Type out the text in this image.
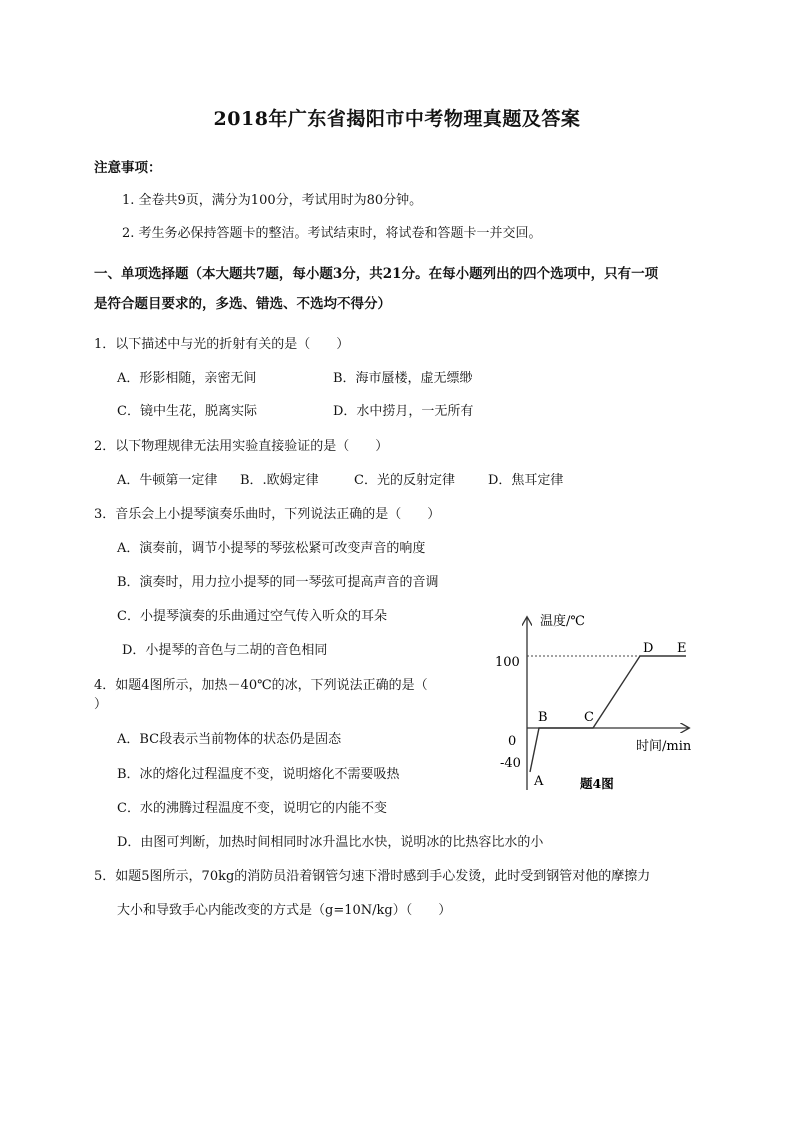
2018年广东省揭阳市中考物理真题及答案
注意事项：
1. 全卷共9页，满分为100分，考试用时为80分钟。
2. 考生务必保持答题卡的整洁。考试结束时，将试卷和答题卡一并交回。
一、单项选择题（本大题共7题，每小题3分，共21分。在每小题列出的四个选项中，只有一项
是符合题目要求的，多选、错选、不选均不得分）
1．以下描述中与光的折射有关的是（　　）
A．形影相随，亲密无间	B．海市蜃楼，虚无缥缈
C．镜中生花，脱离实际	D．水中捞月，一无所有
2．以下物理规律无法用实验直接验证的是（　　）
A．牛顿第一定律 B．.欧姆定律	C．光的反射定律	D．焦耳定律
3．音乐会上小提琴演奏乐曲时，下列说法正确的是（　　）
A．演奏前，调节小提琴的琴弦松紧可改变声音的响度
B．演奏时，用力拉小提琴的同一琴弦可提高声音的音调
C．小提琴演奏的乐曲通过空气传入听众的耳朵
D．小提琴的音色与二胡的音色相同
4．如题4图所示，加热－40℃的冰，下列说法正确的是（
）
A．BC段表示当前物体的状态仍是固态
B．冰的熔化过程温度不变，说明熔化不需要吸热
C．水的沸腾过程温度不变，说明它的内能不变
D．由图可判断，加热时间相同时冰升温比水快，说明冰的比热容比水的小
5．如题5图所示，70kg的消防员沿着钢管匀速下滑时感到手心发烫，此时受到钢管对他的摩擦力
大小和导致手心内能改变的方式是（g=10N/kg）（　　）
温度/℃
时间/min
100
0
-40
A
B	C
D E
题4图
